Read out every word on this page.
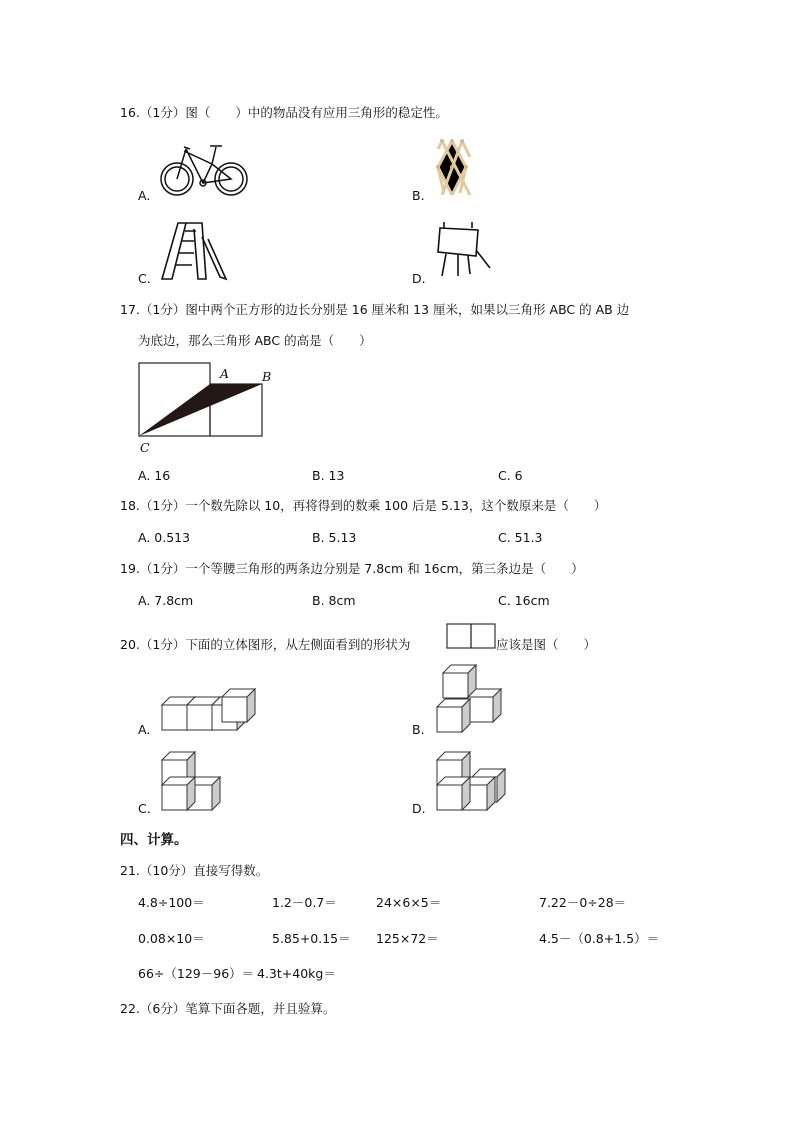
16.（1分）图（　　）中的物品没有应用三角形的稳定性。
A.	B.
C.	D.
17.（1分）图中两个正方形的边长分别是 16 厘米和 13 厘米，如果以三角形 ABC 的 AB 边
为底边，那么三角形 ABC 的高是（　　）
A	B
C
A. 16	B. 13	C. 6
18.（1分）一个数先除以 10，再将得到的数乘 100 后是 5.13，这个数原来是（　　）
A. 0.513	B. 5.13	C. 51.3
19.（1分）一个等腰三角形的两条边分别是 7.8cm 和 16cm，第三条边是（　　）
A. 7.8cm	B. 8cm	C. 16cm
20.（1分）下面的立体图形，从左侧面看到的形状为	应该是图（　　）
A.	B.
C.	D.
四、计算。
21.（10分）直接写得数。
4.8÷100＝	1.2－0.7＝	24×6×5＝	7.22－0÷28＝
0.08×10＝	5.85+0.15＝ 125×72＝	4.5－（0.8+1.5）＝
66÷（129－96）＝ 4.3t+40kg＝
22.（6分）笔算下面各题，并且验算。
